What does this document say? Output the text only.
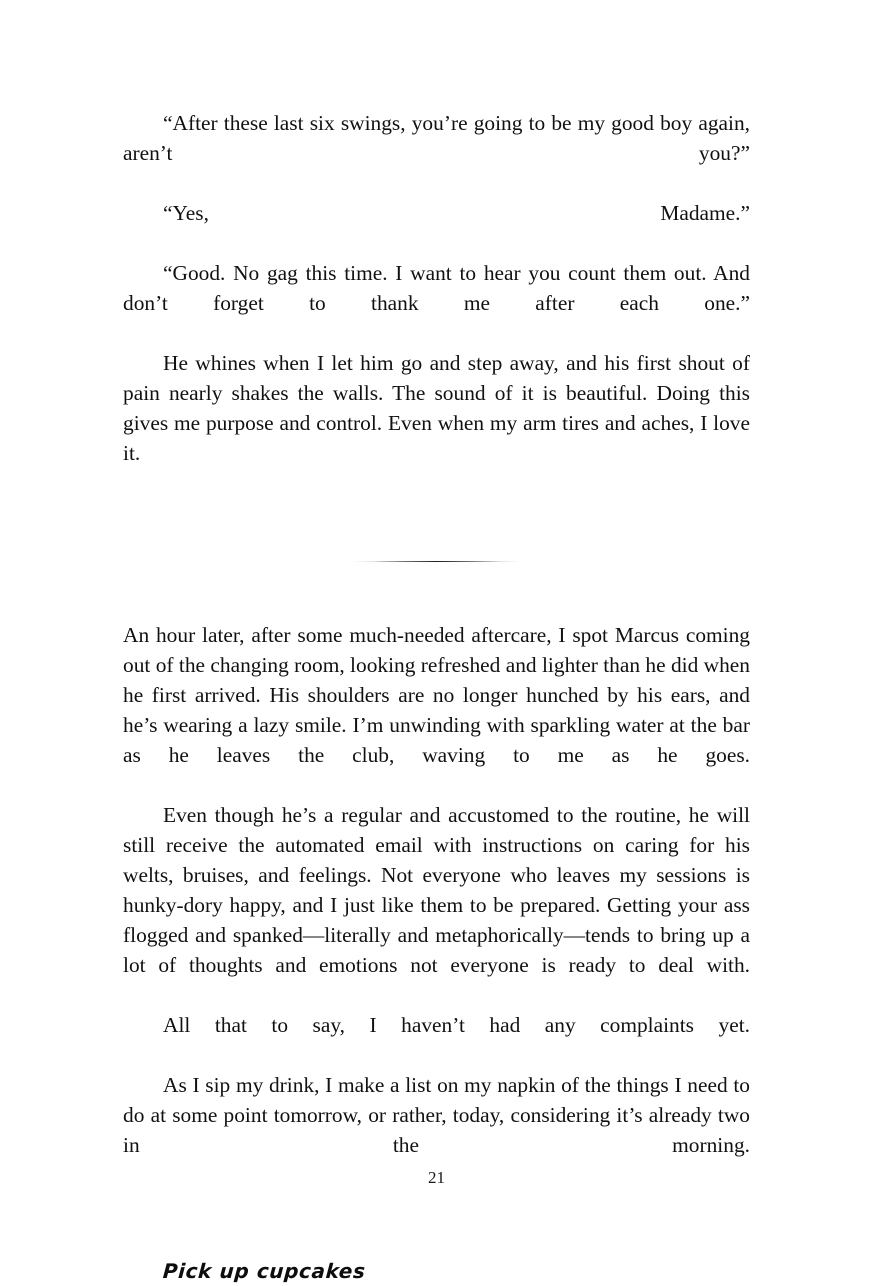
“After these last six swings, you’re going to be my good boy again, aren’t you?”

“Yes, Madame.”

“Good. No gag this time. I want to hear you count them out. And don’t forget to thank me after each one.”

He whines when I let him go and step away, and his first shout of pain nearly shakes the walls. The sound of it is beautiful. Doing this gives me purpose and control. Even when my arm tires and aches, I love it.

An hour later, after some much-needed aftercare, I spot Marcus coming out of the changing room, looking refreshed and lighter than he did when he first arrived. His shoulders are no longer hunched by his ears, and he’s wearing a lazy smile. I’m unwinding with sparkling water at the bar as he leaves the club, waving to me as he goes.

Even though he’s a regular and accustomed to the routine, he will still receive the automated email with instructions on caring for his welts, bruises, and feelings. Not everyone who leaves my sessions is hunky-dory happy, and I just like them to be prepared. Getting your ass flogged and spanked—literally and metaphorically—tends to bring up a lot of thoughts and emotions not everyone is ready to deal with.

All that to say, I haven’t had any complaints yet.

As I sip my drink, I make a list on my napkin of the things I need to do at some point tomorrow, or rather, today, considering it’s already two in the morning.

Pick up cupcakes
21
